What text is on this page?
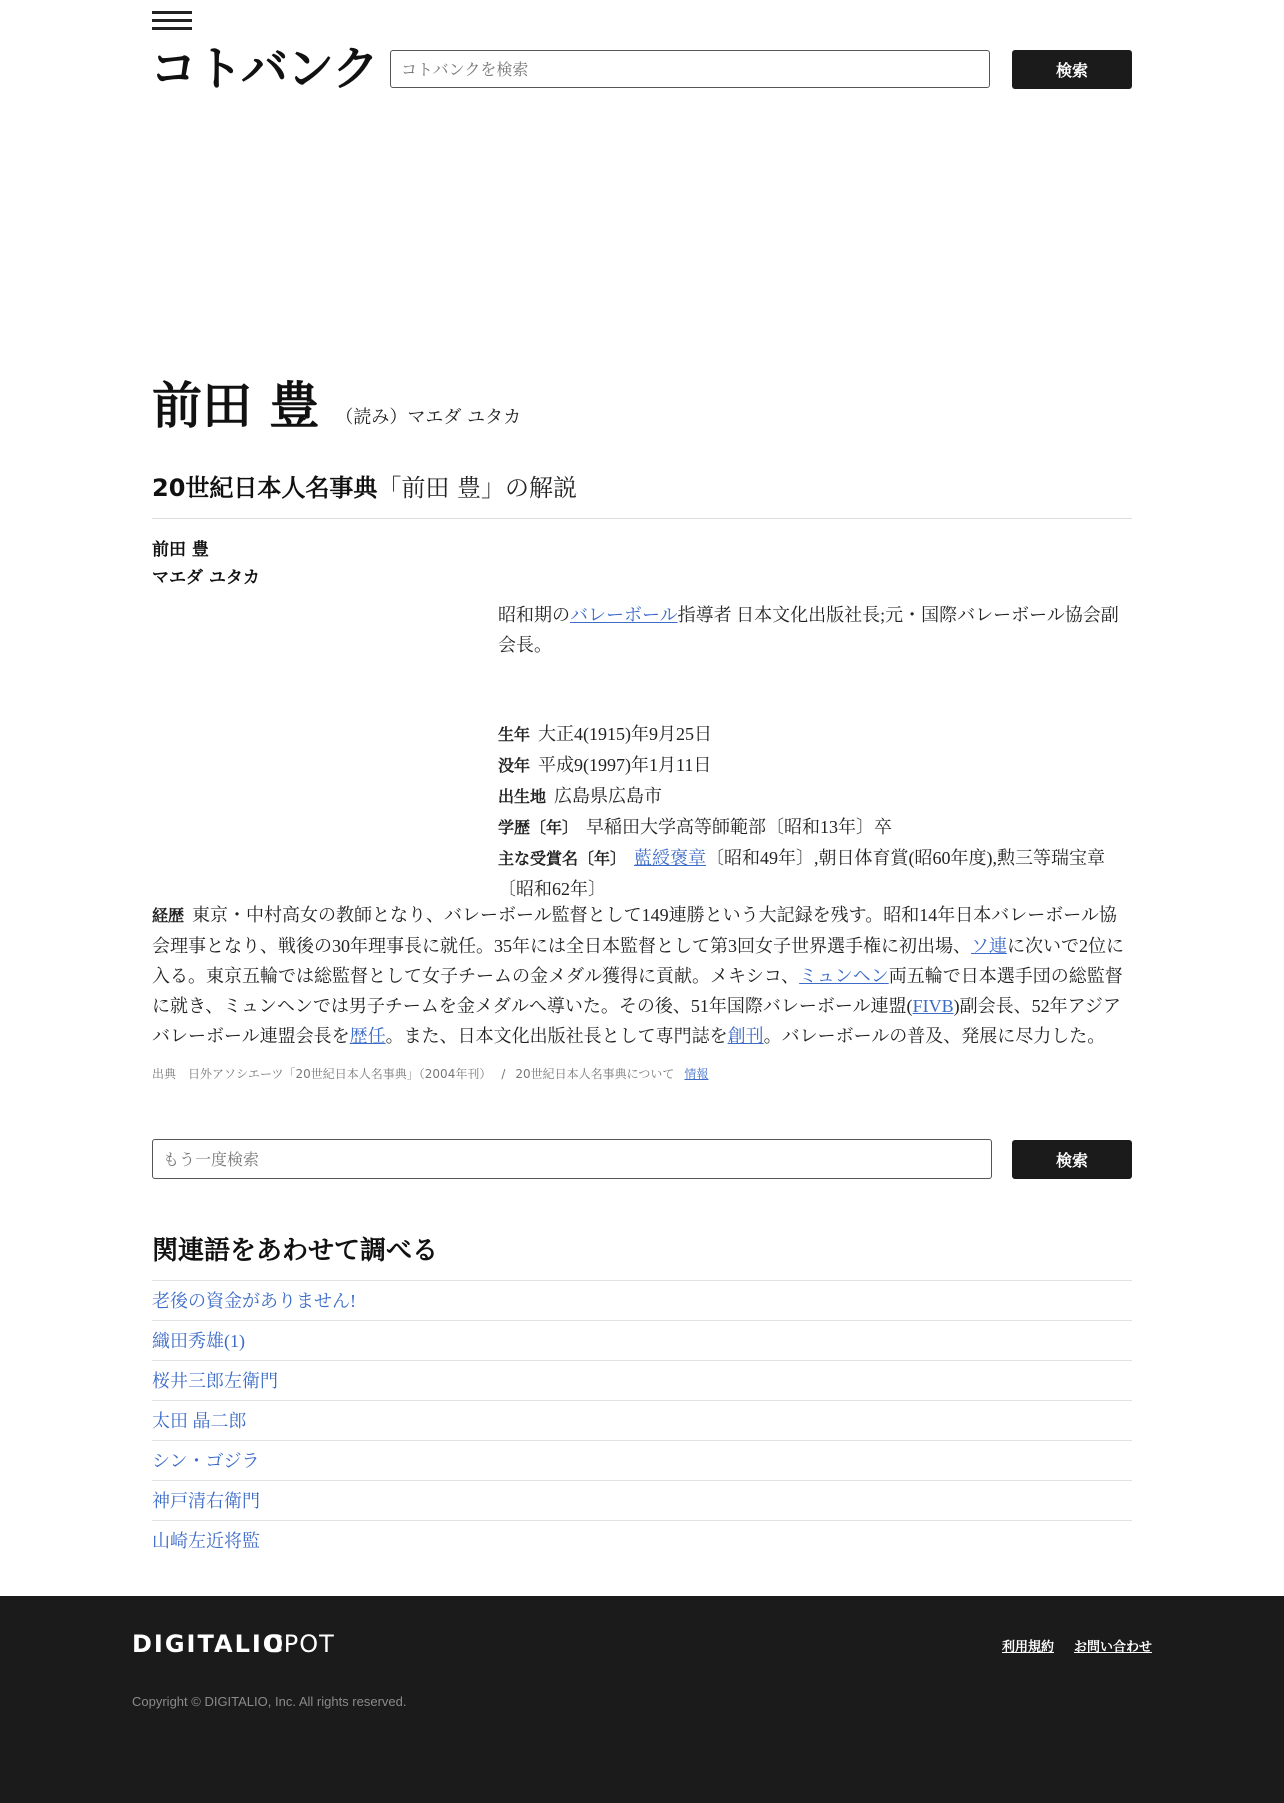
コトバンク
コトバンクを検索	検索
前田 豊 （読み）マエダ ユタカ
20世紀日本人名事典「前田 豊」の解説
前田 豊
マエダ ユタカ
昭和期のバレーボール指導者 日本文化出版社長;元・国際バレーボール協会副会長。
生年 大正4(1915)年9月25日
没年 平成9(1997)年1月11日
出生地 広島県広島市
学歴〔年〕 早稲田大学高等師範部〔昭和13年〕卒
主な受賞名〔年〕 藍綬褒章〔昭和49年〕,朝日体育賞(昭60年度),勲三等瑞宝章〔昭和62年〕
経歴 東京・中村高女の教師となり、バレーボール監督として149連勝という大記録を残す。昭和14年日本バレーボール協会理事となり、戦後の30年理事長に就任。35年には全日本監督として第3回女子世界選手権に初出場、ソ連に次いで2位に入る。東京五輪では総監督として女子チームの金メダル獲得に貢献。メキシコ、ミュンヘン両五輪で日本選手団の総監督に就き、ミュンヘンでは男子チームを金メダルへ導いた。その後、51年国際バレーボール連盟(FIVB)副会長、52年アジアバレーボール連盟会長を歴任。また、日本文化出版社長として専門誌を創刊。バレーボールの普及、発展に尽力した。
出典　日外アソシエーツ「20世紀日本人名事典」（2004年刊） / 20世紀日本人名事典について 情報
もう一度検索
検索
関連語をあわせて調べる
老後の資金がありません!
織田秀雄(1)
桜井三郎左衛門
太田 晶二郎
シン・ゴジラ
神戸清右衛門
山崎左近将監
DIGITALIO
CPOT	利用規約 お問い合わせ
Copyright © DIGITALIO, Inc. All rights reserved.
